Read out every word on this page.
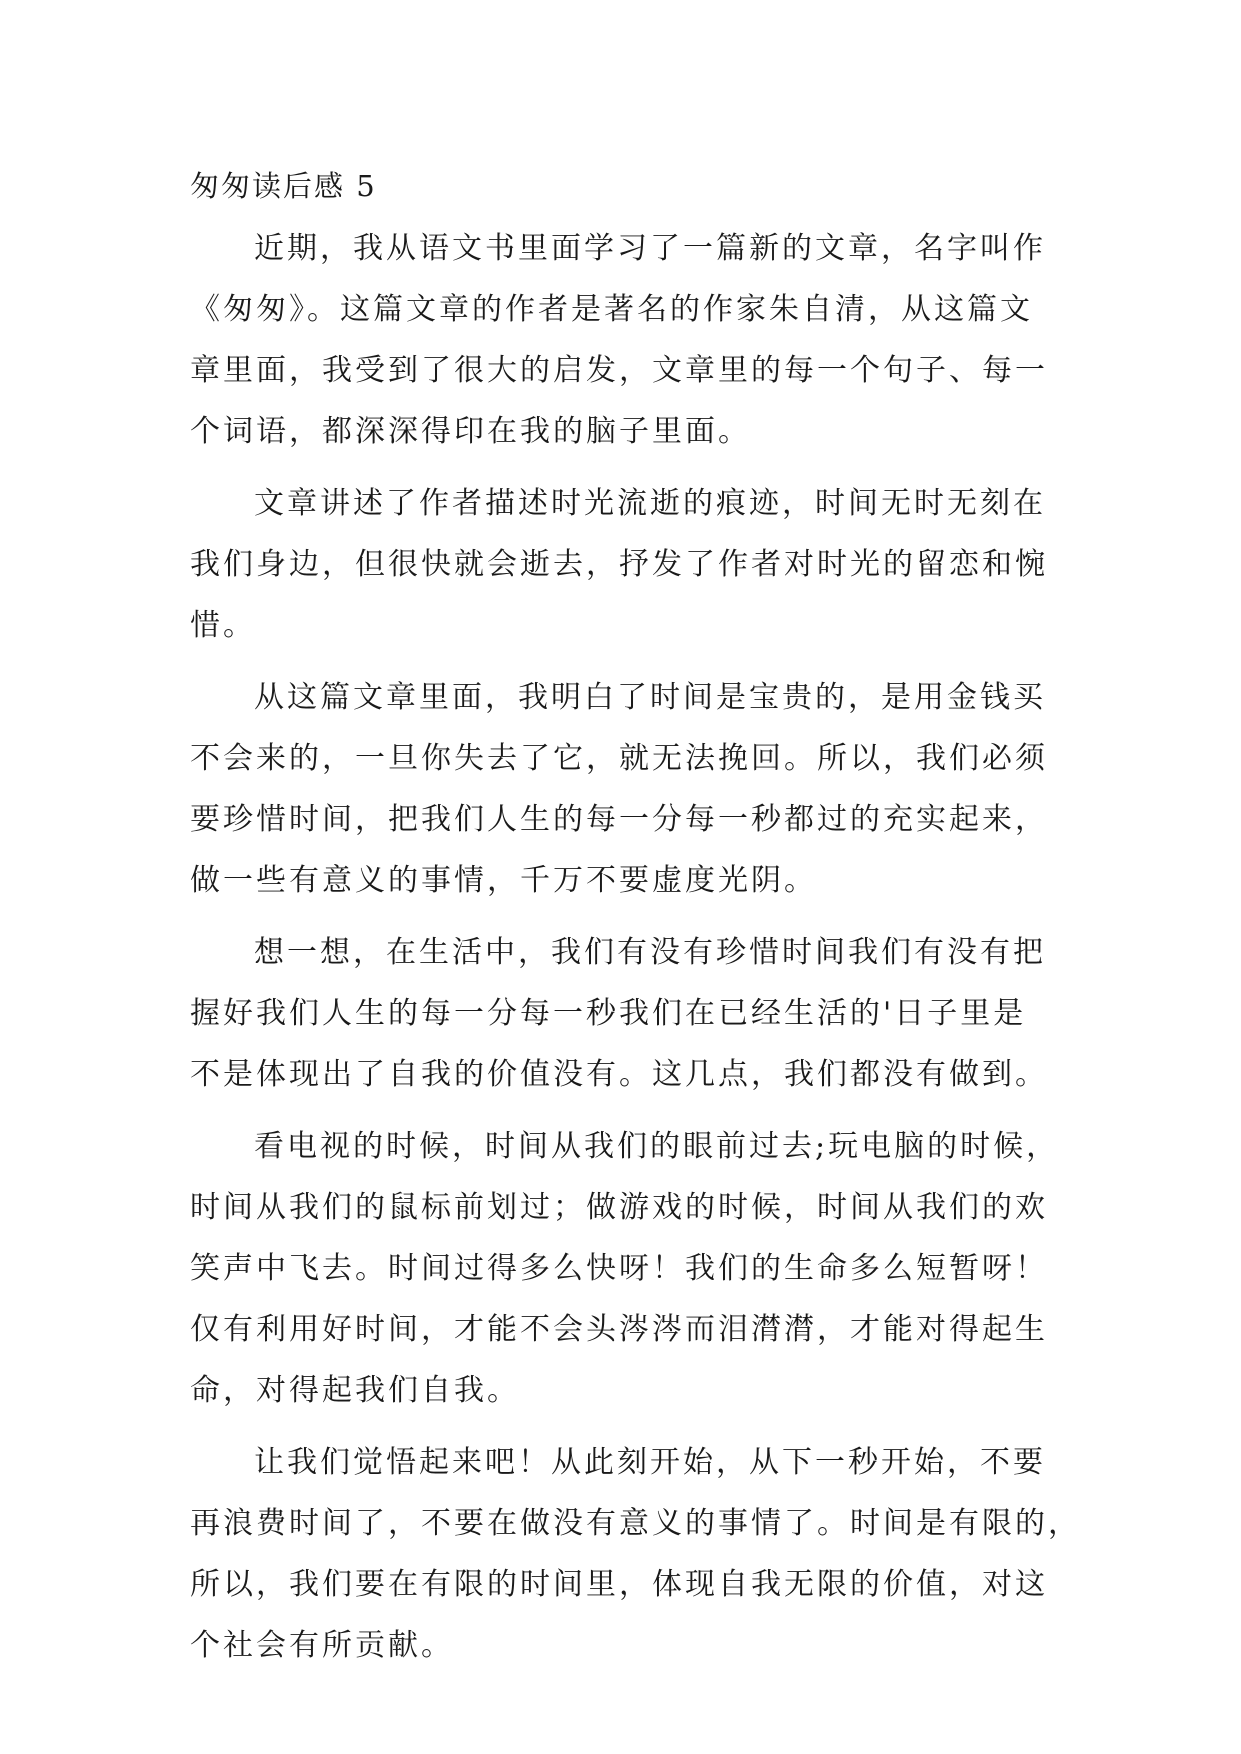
匆匆读后感 5
近期，我从语文书里面学习了一篇新的文章，名字叫作
《匆匆》。这篇文章的作者是著名的作家朱自清，从这篇文
章里面，我受到了很大的启发，文章里的每一个句子、每一
个词语，都深深得印在我的脑子里面。
文章讲述了作者描述时光流逝的痕迹，时间无时无刻在
我们身边，但很快就会逝去，抒发了作者对时光的留恋和惋
惜。
从这篇文章里面，我明白了时间是宝贵的，是用金钱买
不会来的，一旦你失去了它，就无法挽回。所以，我们必须
要珍惜时间，把我们人生的每一分每一秒都过的充实起来，
做一些有意义的事情，千万不要虚度光阴。
想一想，在生活中，我们有没有珍惜时间我们有没有把
握好我们人生的每一分每一秒我们在已经生活的'日子里是
不是体现出了自我的价值没有。这几点，我们都没有做到。
看电视的时候，时间从我们的眼前过去;玩电脑的时候，
时间从我们的鼠标前划过；做游戏的时候，时间从我们的欢
笑声中飞去。时间过得多么快呀！我们的生命多么短暂呀！
仅有利用好时间，才能不会头涔涔而泪潸潸，才能对得起生
命，对得起我们自我。
让我们觉悟起来吧！从此刻开始，从下一秒开始，不要
再浪费时间了，不要在做没有意义的事情了。时间是有限的，
所以，我们要在有限的时间里，体现自我无限的价值，对这
个社会有所贡献。
